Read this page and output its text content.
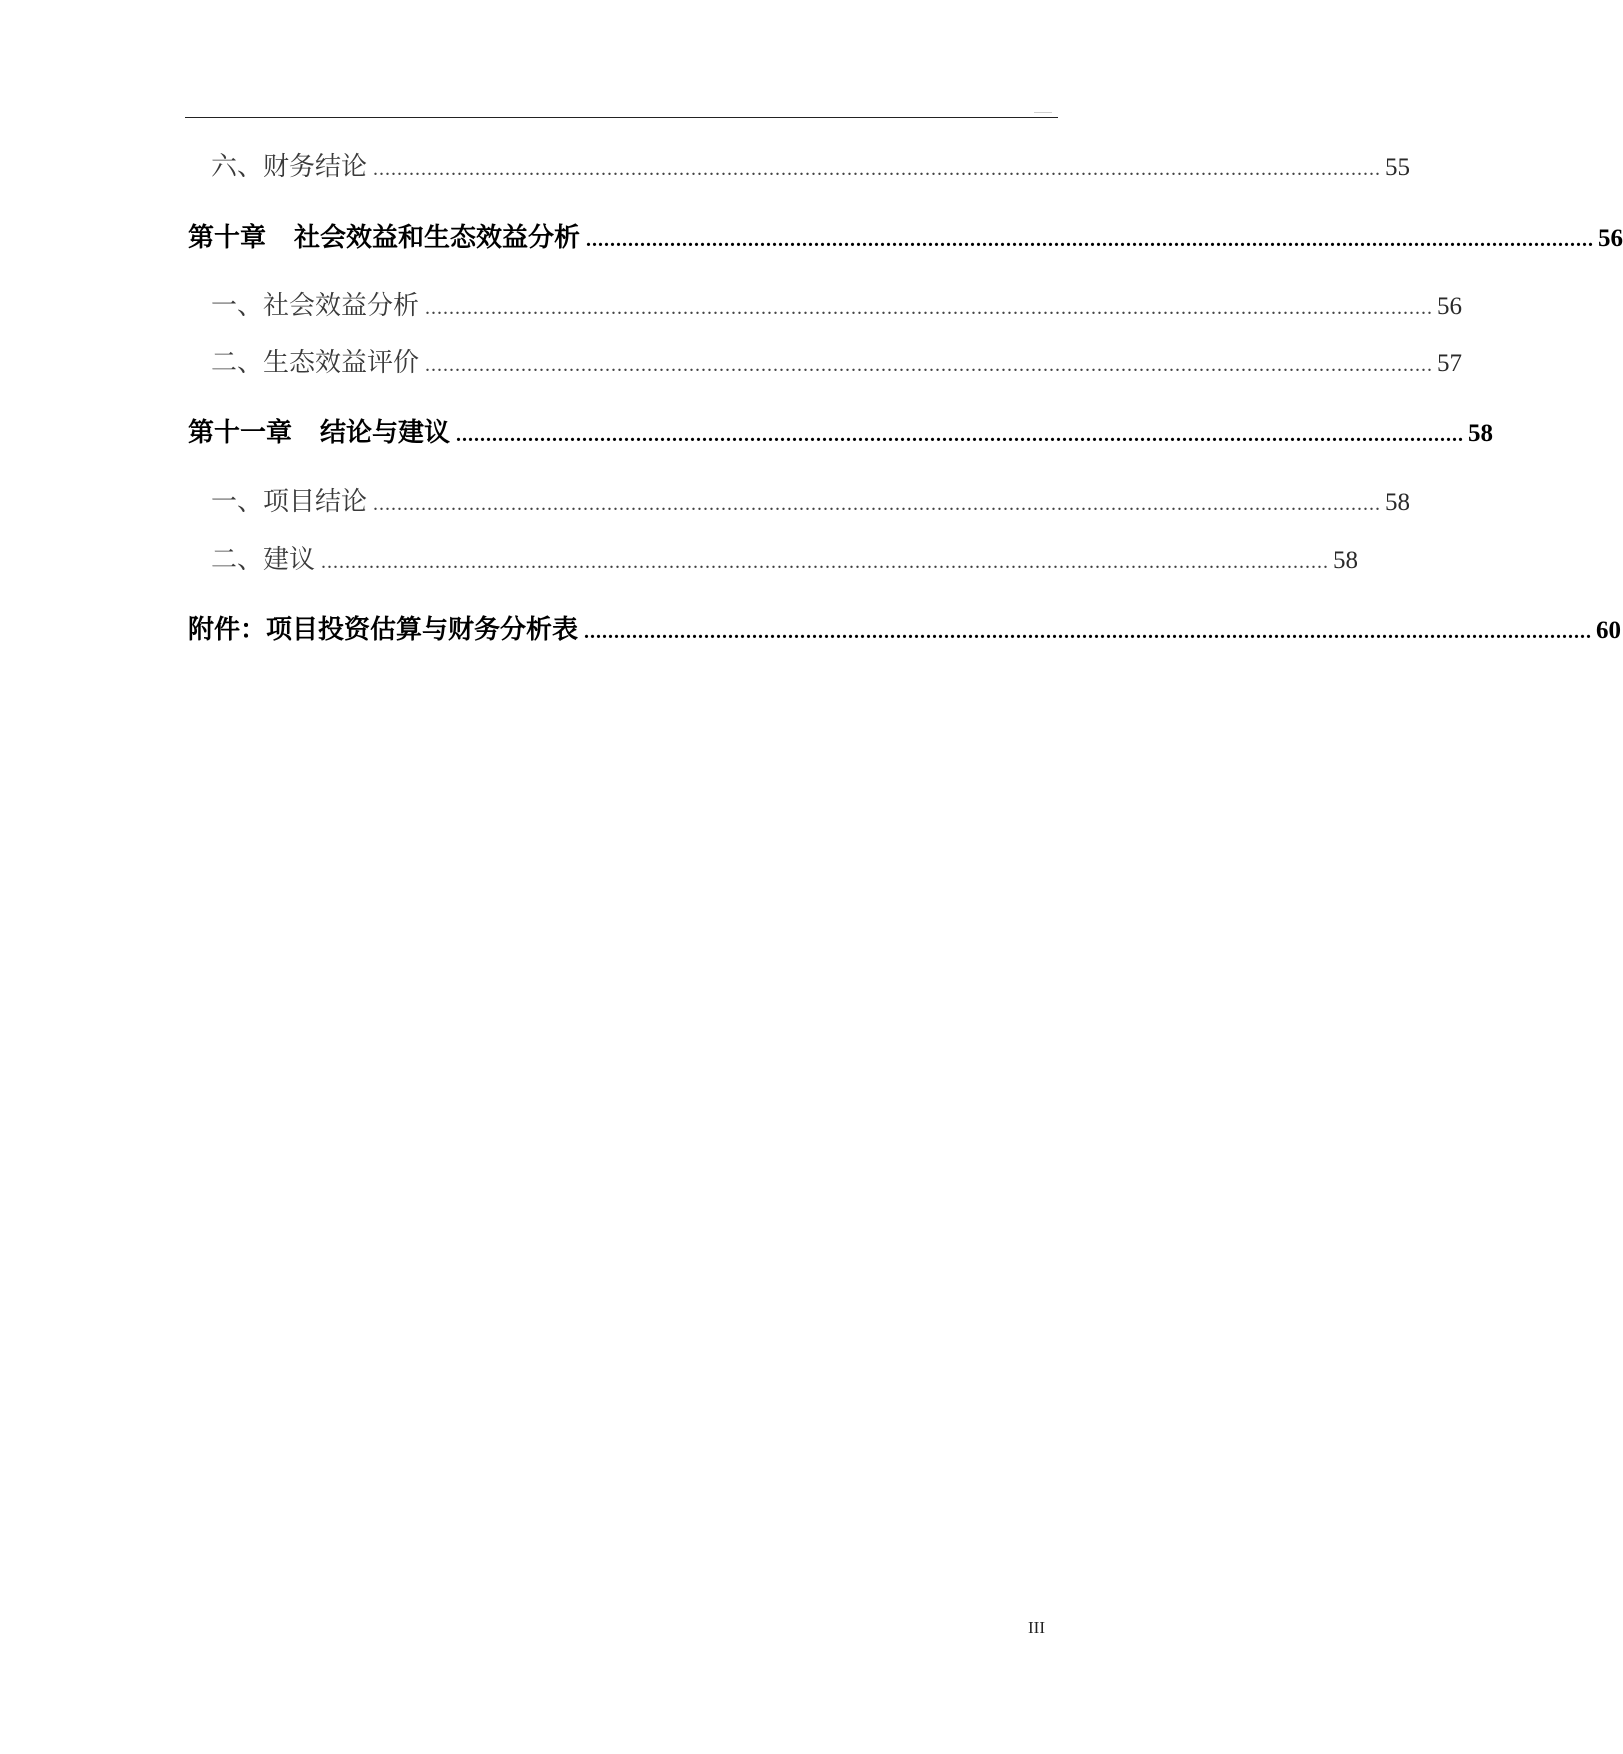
六、财务结论 ........................................................................................................................................................................ 55
第十章 社会效益和生态效益分析 ........................................................................................................................................................................ 56
一、社会效益分析 ........................................................................................................................................................................ 56
二、生态效益评价 ........................................................................................................................................................................ 57
第十一章 结论与建议 ........................................................................................................................................................................ 58
一、项目结论 ........................................................................................................................................................................ 58
二、建议 ........................................................................................................................................................................ 58
附件：项目投资估算与财务分析表 ........................................................................................................................................................................ 60
III
